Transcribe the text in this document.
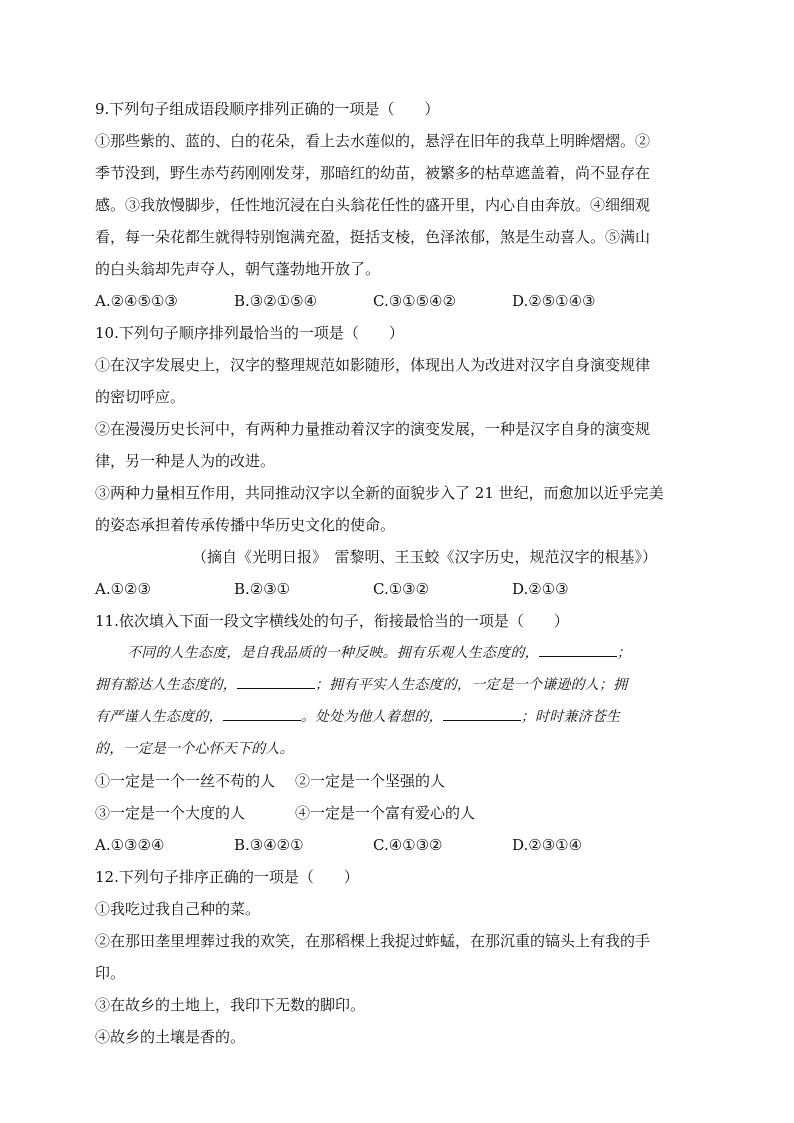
9.下列句子组成语段顺序排列正确的一项是（　　）
①那些紫的、蓝的、白的花朵，看上去水莲似的，悬浮在旧年的我草上明眸熠熠。②
季节没到，野生赤芍药刚刚发芽，那暗红的幼苗，被繁多的枯草遮盖着，尚不显存在
感。③我放慢脚步，任性地沉浸在白头翁花任性的盛开里，内心自由奔放。④细细观
看，每一朵花都生就得特别饱满充盈，挺括支棱，色泽浓郁，煞是生动喜人。⑤满山
的白头翁却先声夺人，朝气蓬勃地开放了。
A.②④⑤①③	B.③②①⑤④	C.③①⑤④②	D.②⑤①④③
10.下列句子顺序排列最恰当的一项是（　　）
①在汉字发展史上，汉字的整理规范如影随形，体现出人为改进对汉字自身演变规律
的密切呼应。
②在漫漫历史长河中，有两种力量推动着汉字的演变发展，一种是汉字自身的演变规
律，另一种是人为的改进。
③两种力量相互作用，共同推动汉字以全新的面貌步入了 21 世纪，而愈加以近乎完美
的姿态承担着传承传播中华历史文化的使命。
（摘自《光明日报》　雷黎明、王玉蛟《汉字历史，规范汉字的根基》）
A.①②③	B.②③①	C.①③②	D.②①③
11.依次填入下面一段文字横线处的句子，衔接最恰当的一项是（　　）
不同的人生态度，是自我品质的一种反映。拥有乐观人生态度的，	；
拥有豁达人生态度的，	；拥有平实人生态度的，一定是一个谦逊的人；拥
有严谨人生态度的，	。处处为他人着想的，	；时时兼济苍生
的，一定是一个心怀天下的人。
①一定是一个一丝不苟的人 ②一定是一个坚强的人
③一定是一个大度的人	④一定是一个富有爱心的人
A.①③②④	B.③④②①	C.④①③②	D.②③①④
12.下列句子排序正确的一项是（　　）
①我吃过我自己种的菜。
②在那田垄里埋葬过我的欢笑，在那稻棵上我捉过蚱蜢，在那沉重的镐头上有我的手
印。
③在故乡的土地上，我印下无数的脚印。
④故乡的土壤是香的。
